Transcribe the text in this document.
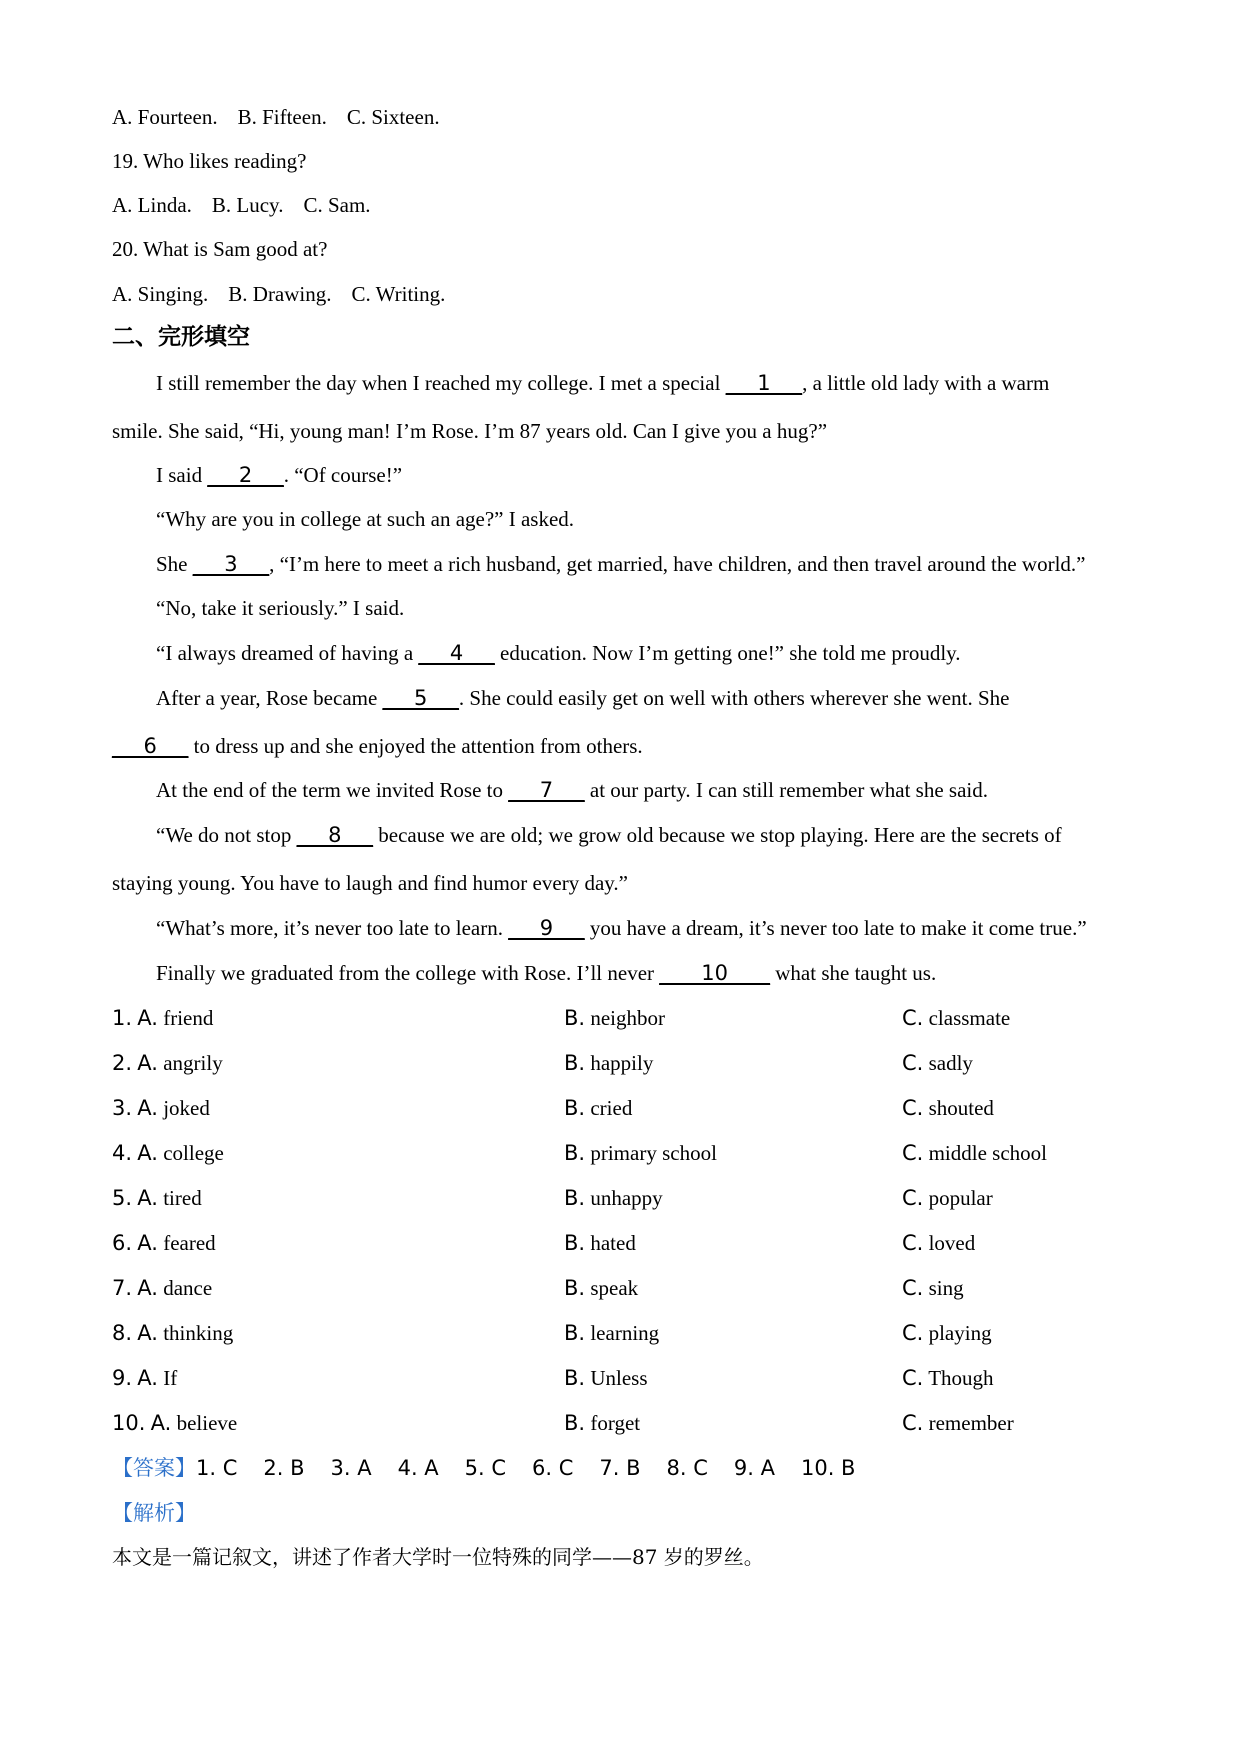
A. Fourteen. B. Fifteen. C. Sixteen.
19. Who likes reading?
A. Linda. B. Lucy. C. Sam.
20. What is Sam good at?
A. Singing. B. Drawing. C. Writing.
二、完形填空
I still remember the day when I reached my college. I met a special ___1___, a little old lady with a warm
smile. She said, “Hi, young man! I’m Rose. I’m 87 years old. Can I give you a hug?”
I said ___2___. “Of course!”
“Why are you in college at such an age?” I asked.
She ___3___, “I’m here to meet a rich husband, get married, have children, and then travel around the world.”
“No, take it seriously.” I said.
“I always dreamed of having a ___4___ education. Now I’m getting one!” she told me proudly.
After a year, Rose became ___5___. She could easily get on well with others wherever she went. She
___6___ to dress up and she enjoyed the attention from others.
At the end of the term we invited Rose to ___7___ at our party. I can still remember what she said.
“We do not stop ___8___ because we are old; we grow old because we stop playing. Here are the secrets of
staying young. You have to laugh and find humor every day.”
“What’s more, it’s never too late to learn. ___9___ you have a dream, it’s never too late to make it come true.”
Finally we graduated from the college with Rose. I’ll never ____10____ what she taught us.
1. A. friend	B. neighbor	C. classmate
2. A. angrily	B. happily	C. sadly
3. A. joked	B. cried	C. shouted
4. A. college	B. primary school	C. middle school
5. A. tired	B. unhappy	C. popular
6. A. feared	B. hated	C. loved
7. A. dance	B. speak	C. sing
8. A. thinking	B. learning	C. playing
9. A. If	B. Unless	C. Though
10. A. believe	B. forget	C. remember
【答案】1. C 2. B 3. A 4. A 5. C 6. C 7. B 8. C 9. A 10. B
【解析】
本文是一篇记叙文，讲述了作者大学时一位特殊的同学——87 岁的罗丝。
